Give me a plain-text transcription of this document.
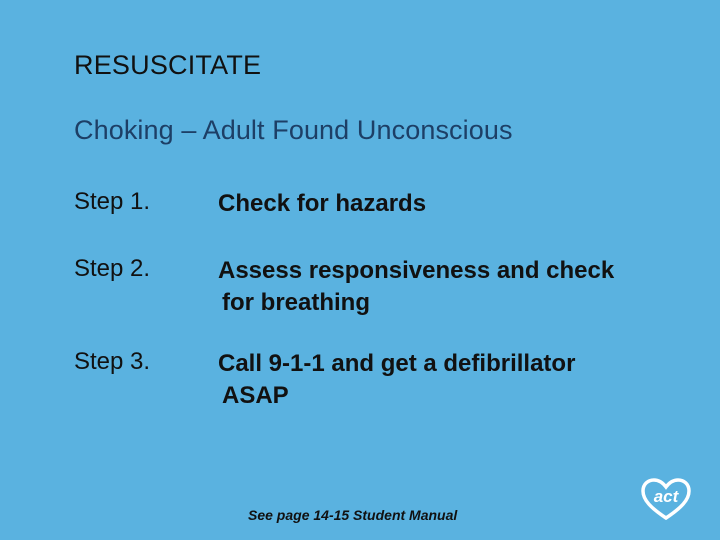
RESUSCITATE
Choking – Adult Found Unconscious
Step 1.	Check for hazards
Step 2.	Assess responsiveness and check
for breathing
Step 3.	Call 9-1-1 and get a defibrillator
ASAP
See page 14-15 Student Manual
act
